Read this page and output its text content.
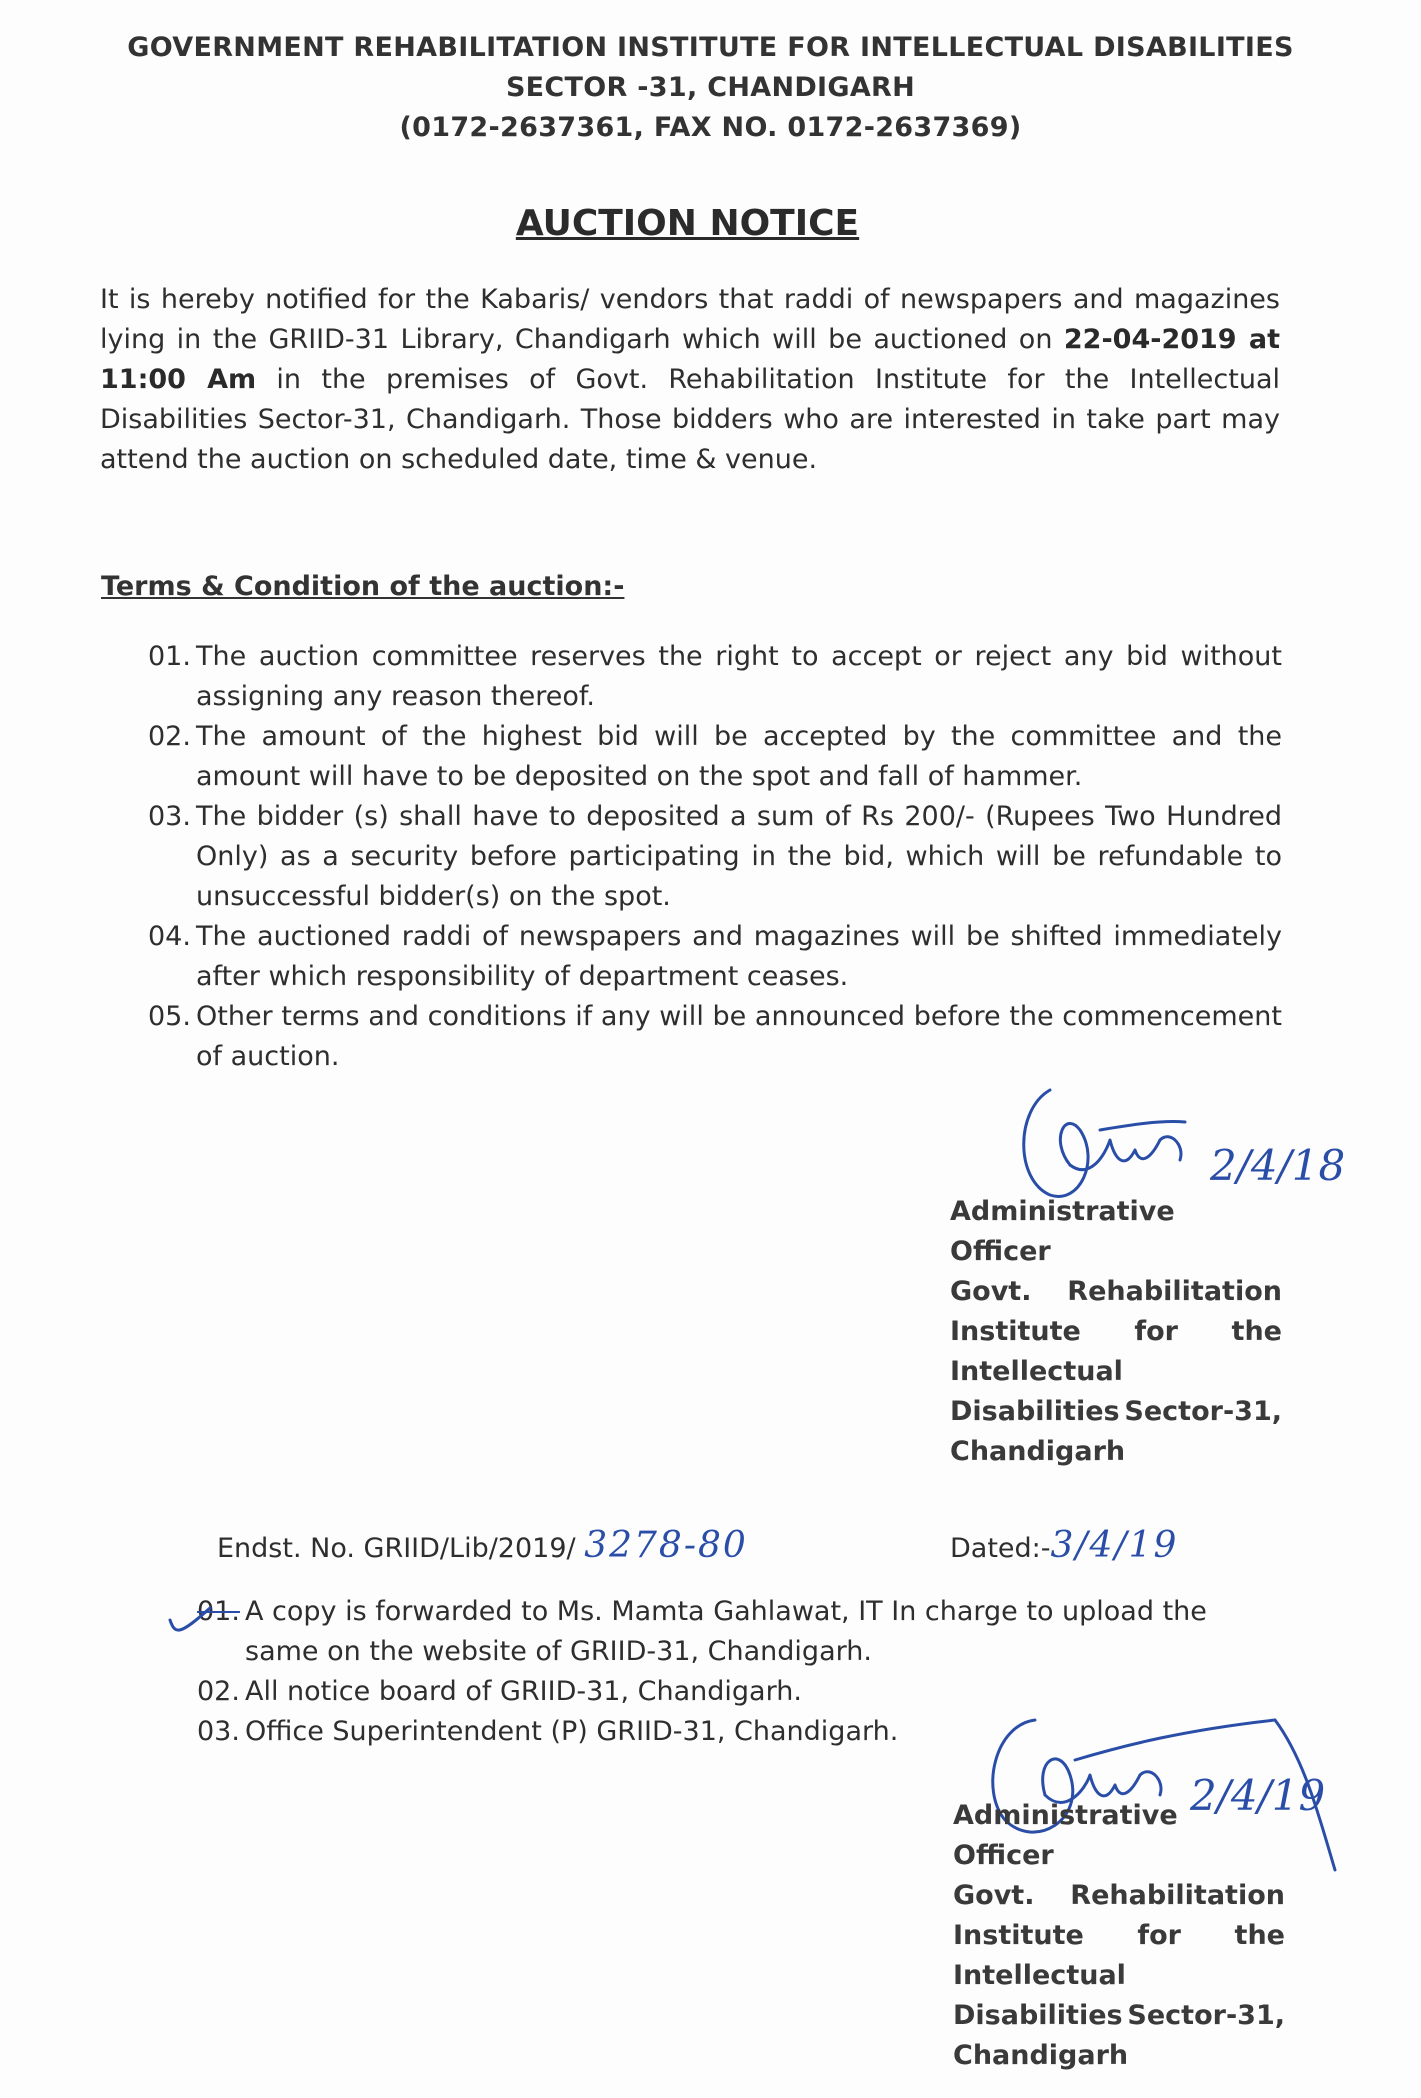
GOVERNMENT REHABILITATION INSTITUTE FOR INTELLECTUAL DISABILITIES
SECTOR -31, CHANDIGARH
(0172-2637361, FAX NO. 0172-2637369)
AUCTION NOTICE
It is hereby notified for the Kabaris/ vendors that raddi of newspapers and magazines lying in the GRIID-31 Library, Chandigarh which will be auctioned on 22-04-2019 at 11:00 Am in the premises of Govt. Rehabilitation Institute for the Intellectual Disabilities Sector-31, Chandigarh. Those bidders who are interested in take part may attend the auction on scheduled date, time & venue.
Terms & Condition of the auction:-
01. The auction committee reserves the right to accept or reject any bid without assigning any reason thereof.
02. The amount of the highest bid will be accepted by the committee and the amount will have to be deposited on the spot and fall of hammer.
03. The bidder (s) shall have to deposited a sum of Rs 200/- (Rupees Two Hundred Only) as a security before participating in the bid, which will be refundable to unsuccessful bidder(s) on the spot.
04. The auctioned raddi of newspapers and magazines will be shifted immediately after which responsibility of department ceases.
05. Other terms and conditions if any will be announced before the commencement of auction.
2/4/18
Administrative Officer
Govt. Rehabilitation
Institute for the
Intellectual
Disabilities Sector-31,
Chandigarh
Endst. No. GRIID/Lib/2019/ 3278-80	Dated:-3/4/19
01. A copy is forwarded to Ms. Mamta Gahlawat, IT In charge to upload the same on the website of GRIID-31, Chandigarh.
02. All notice board of GRIID-31, Chandigarh.
03. Office Superintendent (P) GRIID-31, Chandigarh.
2/4/19
Administrative Officer
Govt. Rehabilitation
Institute for the
Intellectual
Disabilities Sector-31,
Chandigarh
